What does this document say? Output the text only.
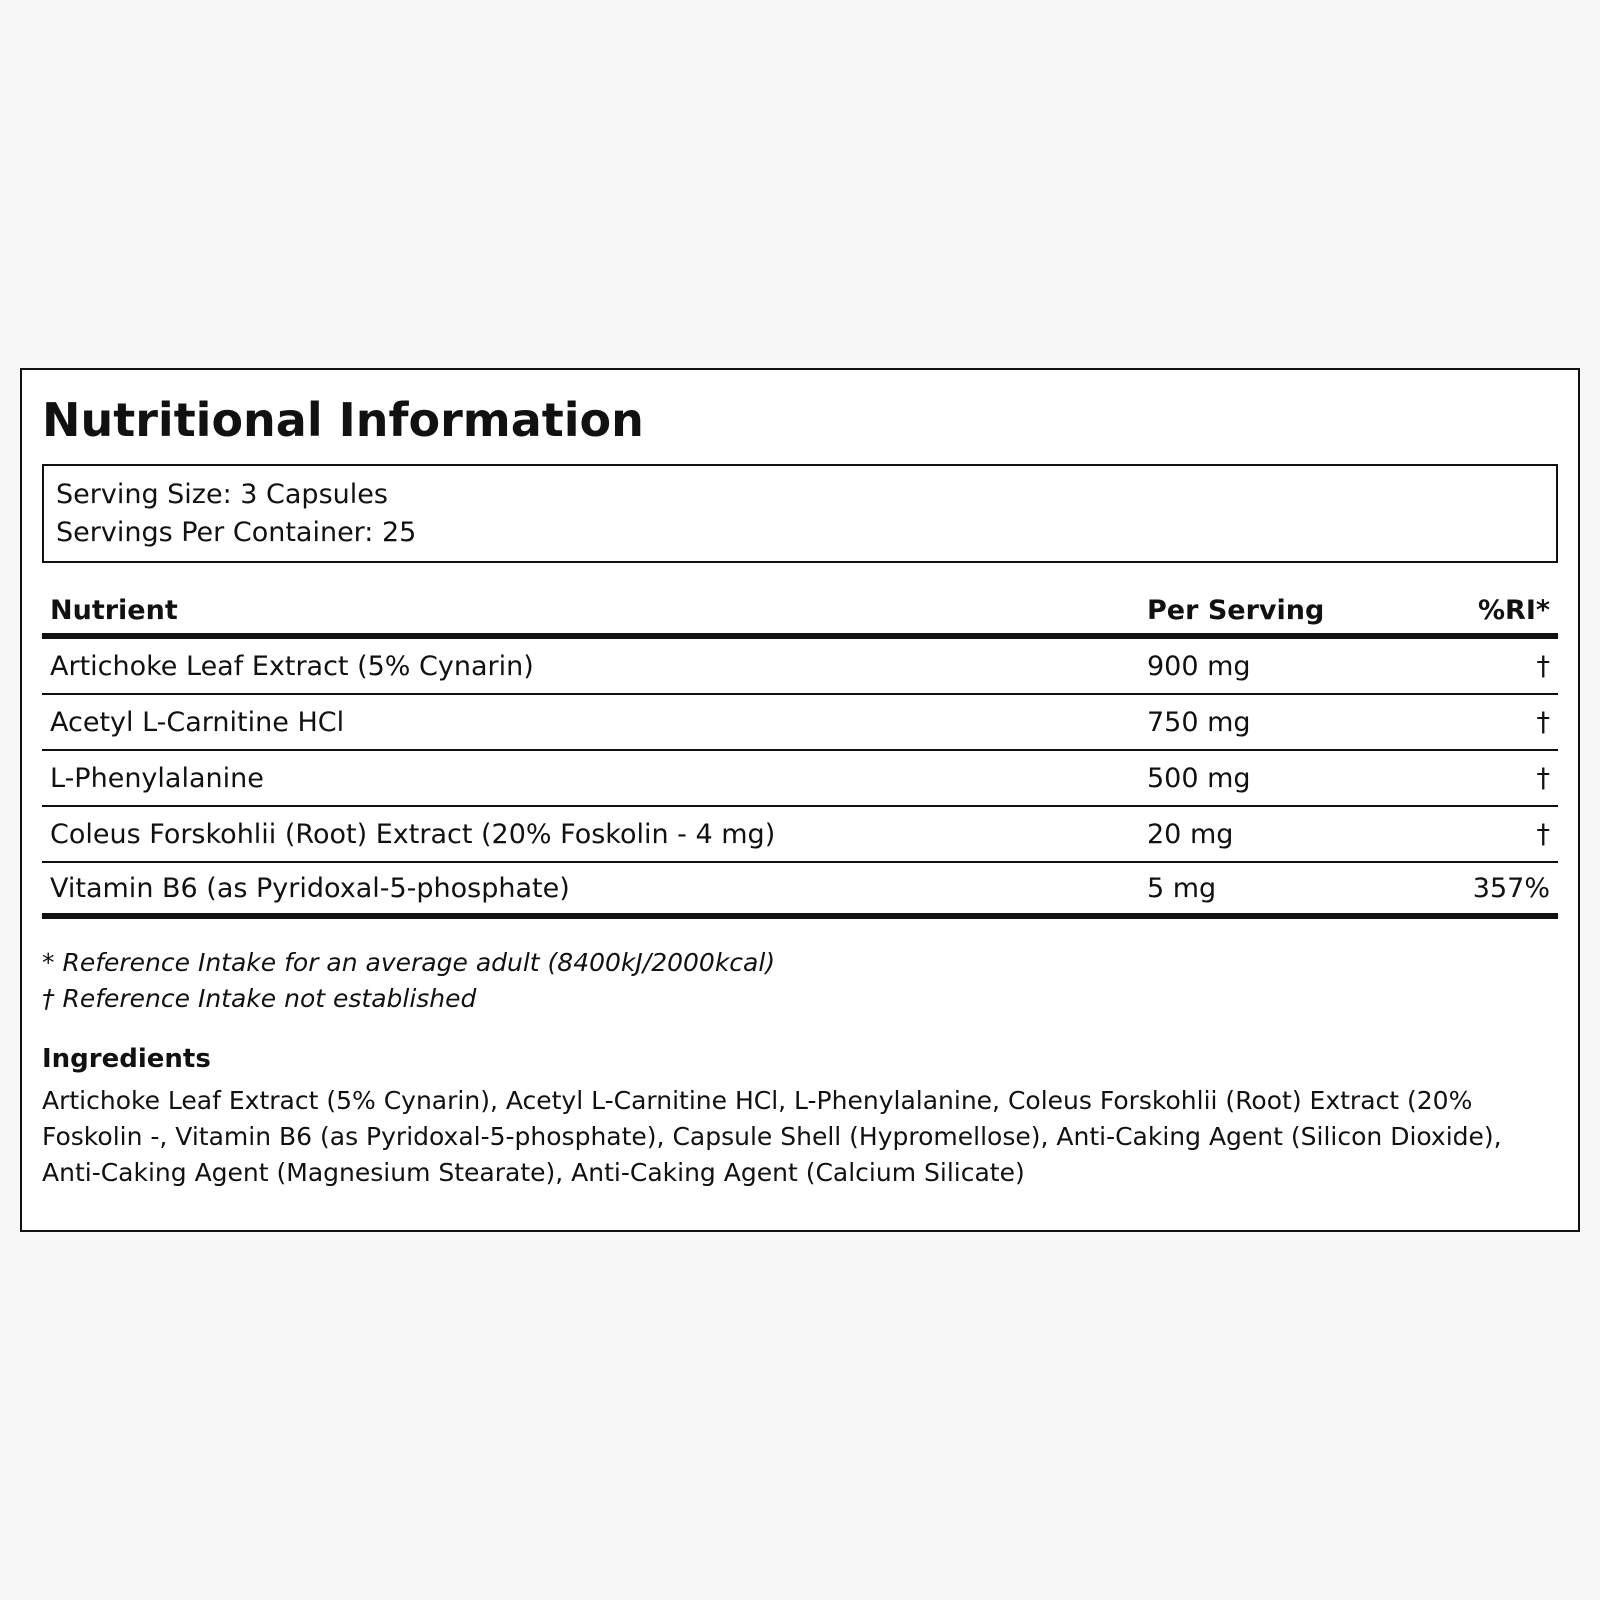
Nutritional Information
Serving Size: 3 Capsules
Servings Per Container: 25
Nutrient	Per Serving	%RI*
Artichoke Leaf Extract (5% Cynarin)	900 mg	†
Acetyl L-Carnitine HCl	750 mg	†
L-Phenylalanine	500 mg	†
Coleus Forskohlii (Root) Extract (20% Foskolin - 4 mg)	20 mg	†
Vitamin B6 (as Pyridoxal-5-phosphate)	5 mg	357%
* Reference Intake for an average adult (8400kJ/2000kcal)
† Reference Intake not established
Ingredients

Artichoke Leaf Extract (5% Cynarin), Acetyl L-Carnitine HCl, L-Phenylalanine, Coleus Forskohlii (Root) Extract (20% Foskolin -, Vitamin B6 (as Pyridoxal-5-phosphate), Capsule Shell (Hypromellose), Anti-Caking Agent (Silicon Dioxide), Anti-Caking Agent (Magnesium Stearate), Anti-Caking Agent (Calcium Silicate)
